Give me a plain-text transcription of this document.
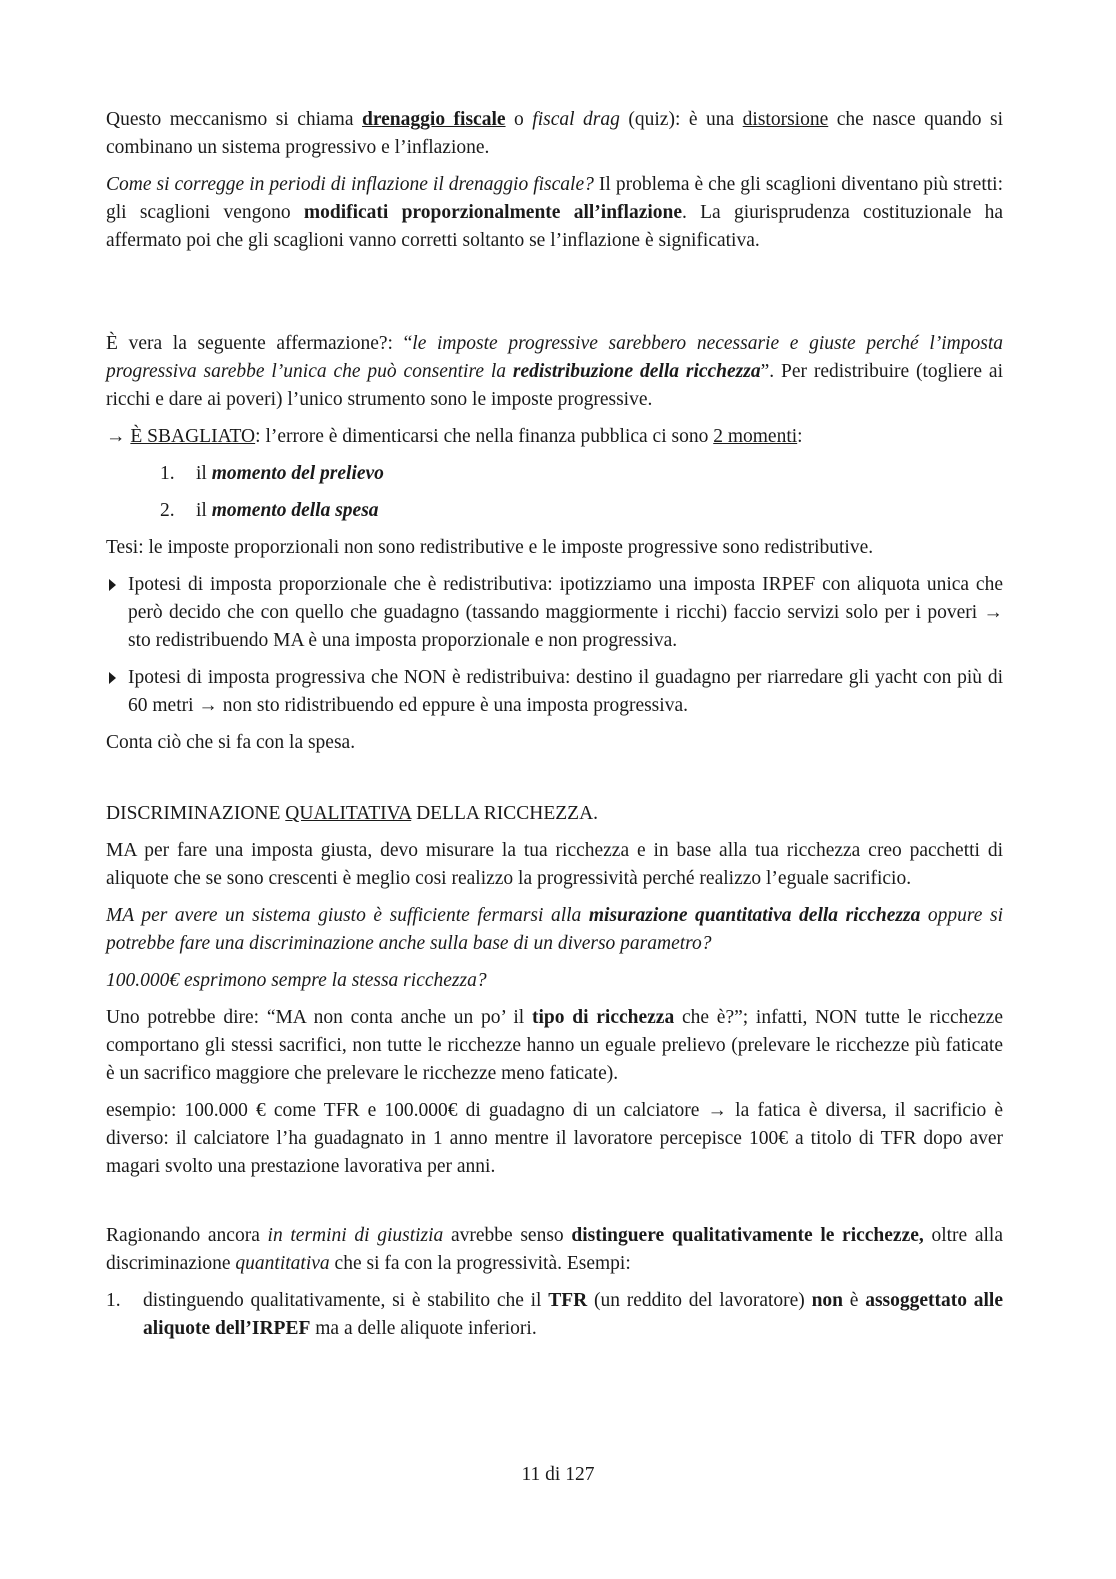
Questo meccanismo si chiama drenaggio fiscale o fiscal drag (quiz): è una distorsione che nasce quando si combinano un sistema progressivo e l’inflazione.

Come si corregge in periodi di inflazione il drenaggio fiscale? Il problema è che gli scaglioni diventano più stretti: gli scaglioni vengono modificati proporzionalmente all’inflazione. La giurisprudenza costituzionale ha affermato poi che gli scaglioni vanno corretti soltanto se l’inflazione è significativa.

È vera la seguente affermazione?: “le imposte progressive sarebbero necessarie e giuste perché l’imposta progressiva sarebbe l’unica che può consentire la redistribuzione della ricchezza”. Per redistribuire (togliere ai ricchi e dare ai poveri) l’unico strumento sono le imposte progressive.

→ È SBAGLIATO: l’errore è dimenticarsi che nella finanza pubblica ci sono 2 momenti:

1.	il momento del prelievo
2.	il momento della spesa

Tesi: le imposte proporzionali non sono redistributive e le imposte progressive sono redistributive.

Ipotesi di imposta proporzionale che è redistributiva: ipotizziamo una imposta IRPEF con aliquota unica che però decido che con quello che guadagno (tassando maggiormente i ricchi) faccio servizi solo per i poveri → sto redistribuendo MA è una imposta proporzionale e non progressiva.
Ipotesi di imposta progressiva che NON è redistribuiva: destino il guadagno per riarredare gli yacht con più di 60 metri → non sto ridistribuendo ed eppure è una imposta progressiva.

Conta ciò che si fa con la spesa.

DISCRIMINAZIONE QUALITATIVA DELLA RICCHEZZA.

MA per fare una imposta giusta, devo misurare la tua ricchezza e in base alla tua ricchezza creo pacchetti di aliquote che se sono crescenti è meglio cosi realizzo la progressività perché realizzo l’eguale sacrificio.

MA per avere un sistema giusto è sufficiente fermarsi alla misurazione quantitativa della ricchezza oppure si potrebbe fare una discriminazione anche sulla base di un diverso parametro?

100.000€ esprimono sempre la stessa ricchezza?

Uno potrebbe dire: “MA non conta anche un po’ il tipo di ricchezza che è?”; infatti, NON tutte le ricchezze comportano gli stessi sacrifici, non tutte le ricchezze hanno un eguale prelievo (prelevare le ricchezze più faticate è un sacrifico maggiore che prelevare le ricchezze meno faticate).

esempio: 100.000 € come TFR e 100.000€ di guadagno di un calciatore → la fatica è diversa, il sacrificio è diverso: il calciatore l’ha guadagnato in 1 anno mentre il lavoratore percepisce 100€ a titolo di TFR dopo aver magari svolto una prestazione lavorativa per anni.

Ragionando ancora in termini di giustizia avrebbe senso distinguere qualitativamente le ricchezze, oltre alla discriminazione quantitativa che si fa con la progressività. Esempi:

1.	distinguendo qualitativamente, si è stabilito che il TFR (un reddito del lavoratore) non è assoggettato alle aliquote dell’IRPEF ma a delle aliquote inferiori.
11 di 127
